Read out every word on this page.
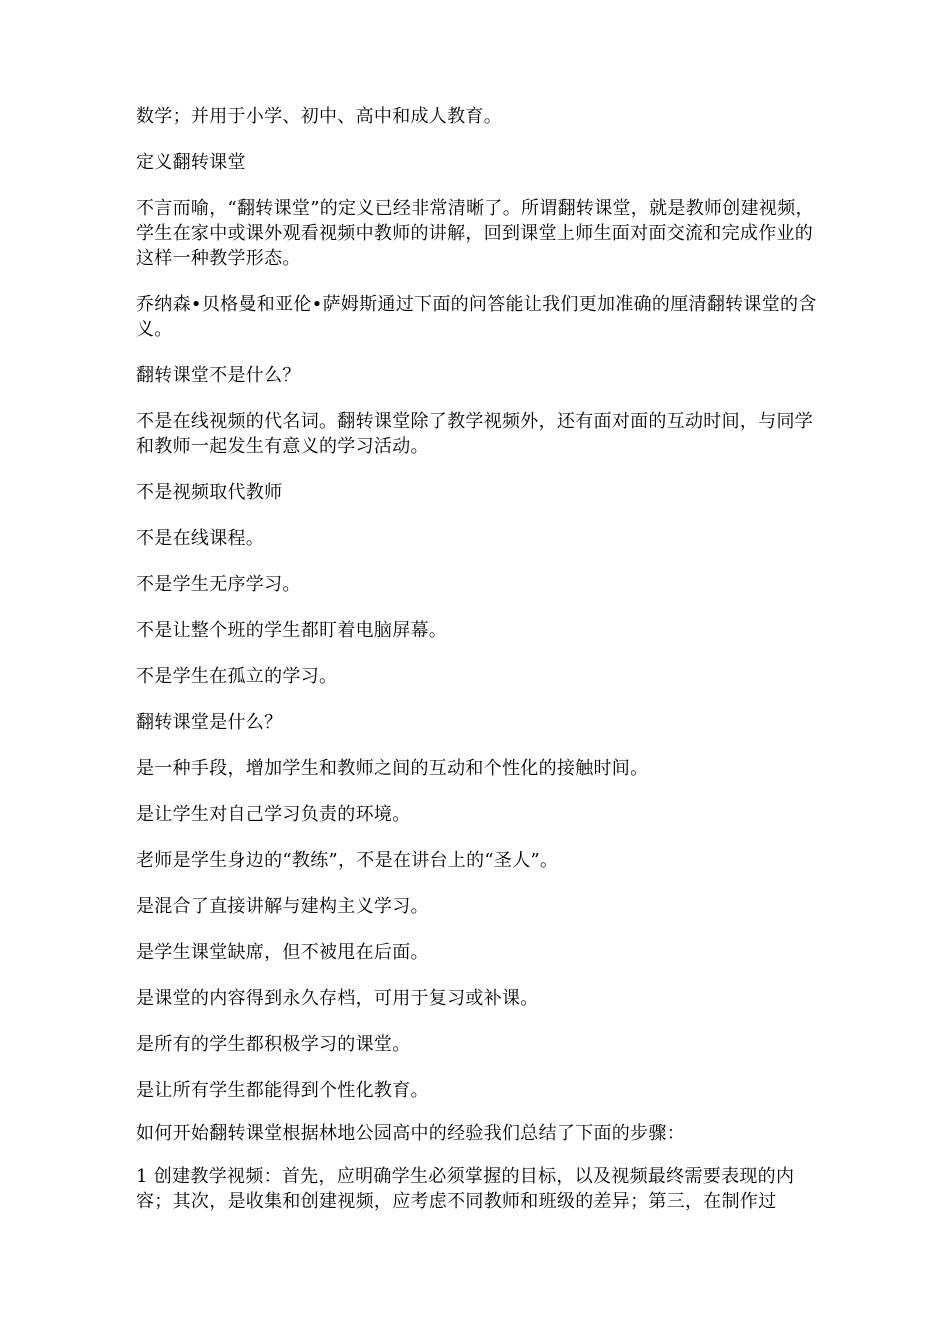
数学；并用于小学、初中、高中和成人教育。

定义翻转课堂

不言而喻，“翻转课堂”的定义已经非常清晰了。所谓翻转课堂，就是教师创建视频，学生在家中或课外观看视频中教师的讲解，回到课堂上师生面对面交流和完成作业的这样一种教学形态。

乔纳森•贝格曼和亚伦•萨姆斯通过下面的问答能让我们更加准确的厘清翻转课堂的含义。

翻转课堂不是什么？

不是在线视频的代名词。翻转课堂除了教学视频外，还有面对面的互动时间，与同学和教师一起发生有意义的学习活动。

不是视频取代教师

不是在线课程。

不是学生无序学习。

不是让整个班的学生都盯着电脑屏幕。

不是学生在孤立的学习。

翻转课堂是什么？

是一种手段，增加学生和教师之间的互动和个性化的接触时间。

是让学生对自己学习负责的环境。

老师是学生身边的“教练”，不是在讲台上的“圣人”。

是混合了直接讲解与建构主义学习。

是学生课堂缺席，但不被甩在后面。

是课堂的内容得到永久存档，可用于复习或补课。

是所有的学生都积极学习的课堂。

是让所有学生都能得到个性化教育。

如何开始翻转课堂根据林地公园高中的经验我们总结了下面的步骤：

1 创建教学视频：首先，应明确学生必须掌握的目标，以及视频最终需要表现的内容；其次，是收集和创建视频，应考虑不同教师和班级的差异；第三，在制作过
